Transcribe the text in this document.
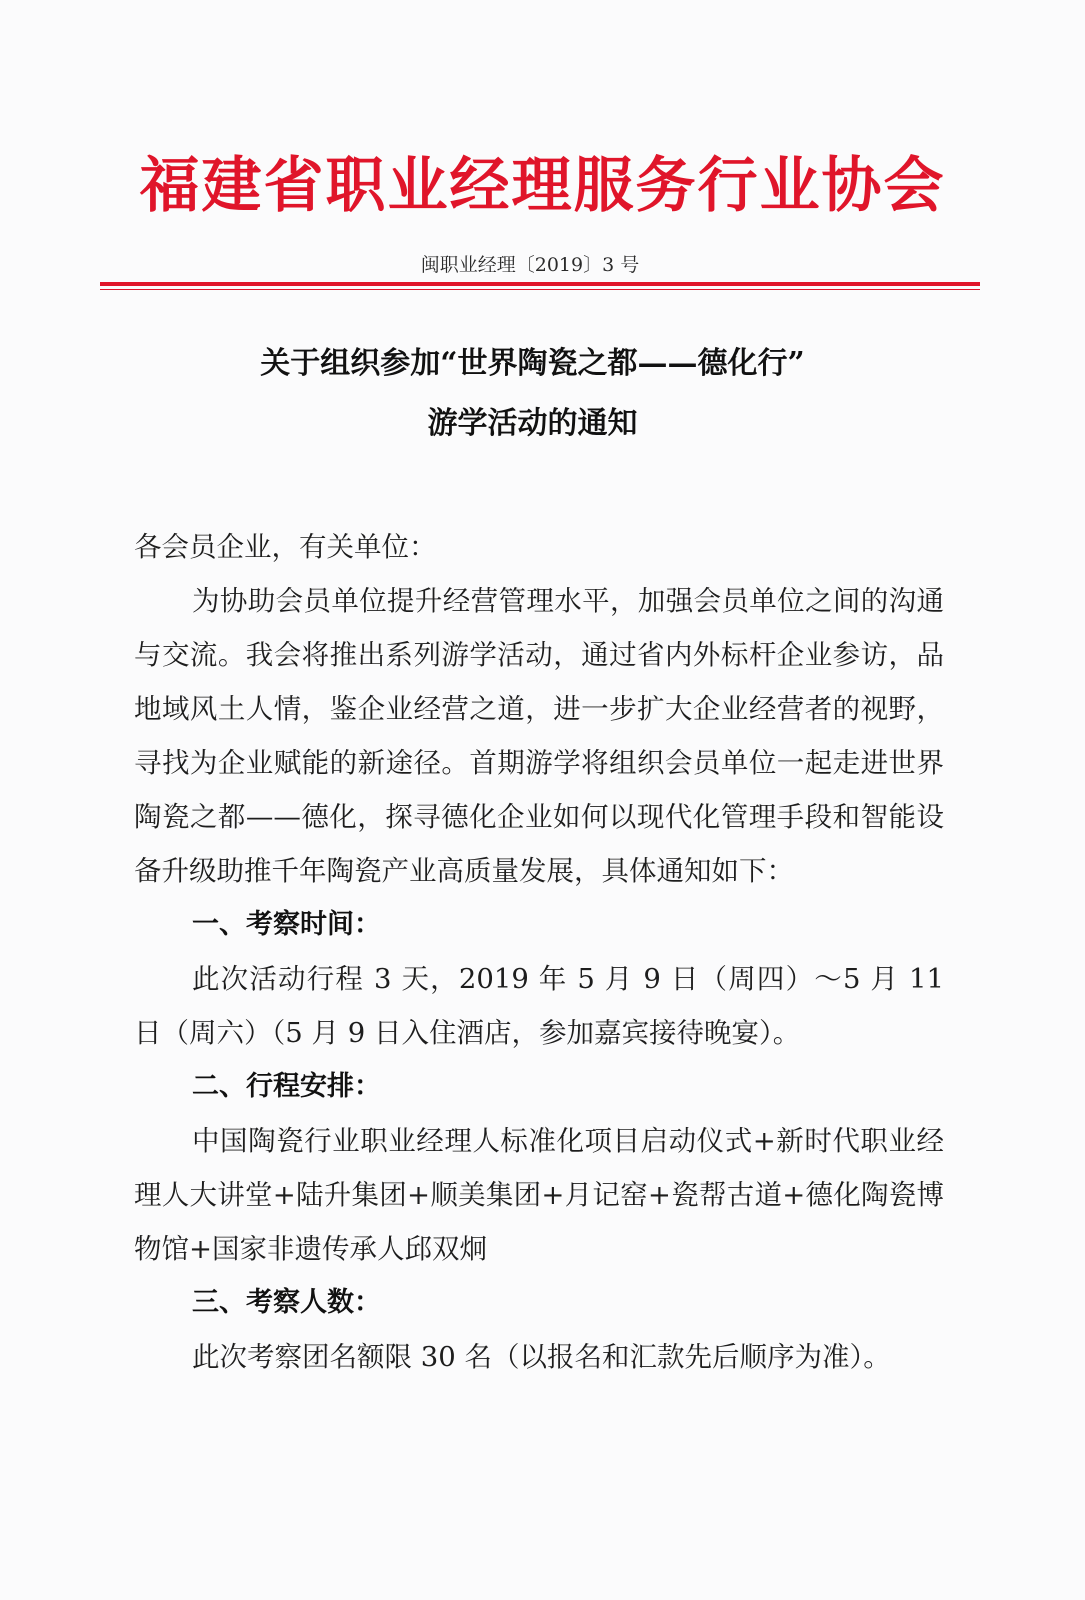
福建省职业经理服务行业协会
闽职业经理〔2019〕3 号
关于组织参加“世界陶瓷之都——德化行”
游学活动的通知

各会员企业，有关单位：

为协助会员单位提升经营管理水平，加强会员单位之间的沟通与交流。我会将推出系列游学活动，通过省内外标杆企业参访，品地域风土人情，鉴企业经营之道，进一步扩大企业经营者的视野，寻找为企业赋能的新途径。首期游学将组织会员单位一起走进世界陶瓷之都——德化，探寻德化企业如何以现代化管理手段和智能设备升级助推千年陶瓷产业高质量发展，具体通知如下：

一、考察时间：

此次活动行程 3 天，2019 年 5 月 9 日（周四）～5 月 11 日（周六）（5 月 9 日入住酒店，参加嘉宾接待晚宴）。

二、行程安排：

中国陶瓷行业职业经理人标准化项目启动仪式+新时代职业经理人大讲堂+陆升集团+顺美集团+月记窑+瓷帮古道+德化陶瓷博物馆+国家非遗传承人邱双炯

三、考察人数：

此次考察团名额限 30 名（以报名和汇款先后顺序为准）。
